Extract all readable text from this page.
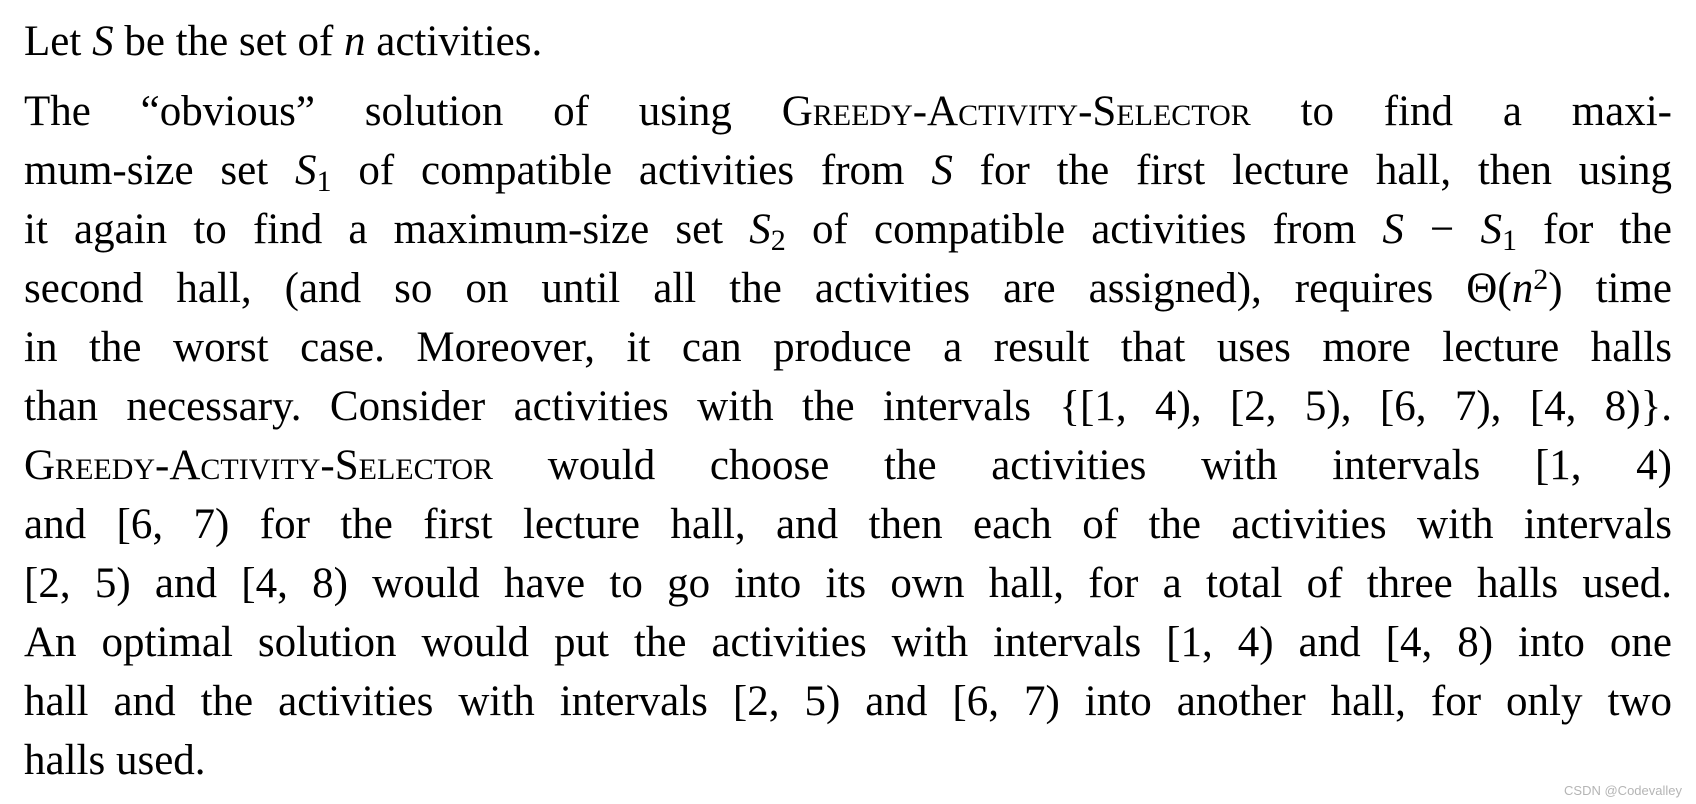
Let S be the set of n activities.

The “obvious” solution of using Greedy-Activity-Selector to find a maxi-
mum-size set $S_1$ of compatible activities from S for the first lecture hall, then using
it again to find a maximum-size set $S_2$ of compatible activities from $S - S_1$ for the
second hall, (and so on until all the activities are assigned), requires $\Theta(n^2)$ time
in the worst case. Moreover, it can produce a result that uses more lecture halls
than necessary. Consider activities with the intervals {[1, 4), [2, 5), [6, 7), [4, 8)}.
Greedy-Activity-Selector would choose the activities with intervals [1, 4)
and [6, 7) for the first lecture hall, and then each of the activities with intervals
[2, 5) and [4, 8) would have to go into its own hall, for a total of three halls used.
An optimal solution would put the activities with intervals [1, 4) and [4, 8) into one
hall and the activities with intervals [2, 5) and [6, 7) into another hall, for only two
halls used.
CSDN @Codevalley
